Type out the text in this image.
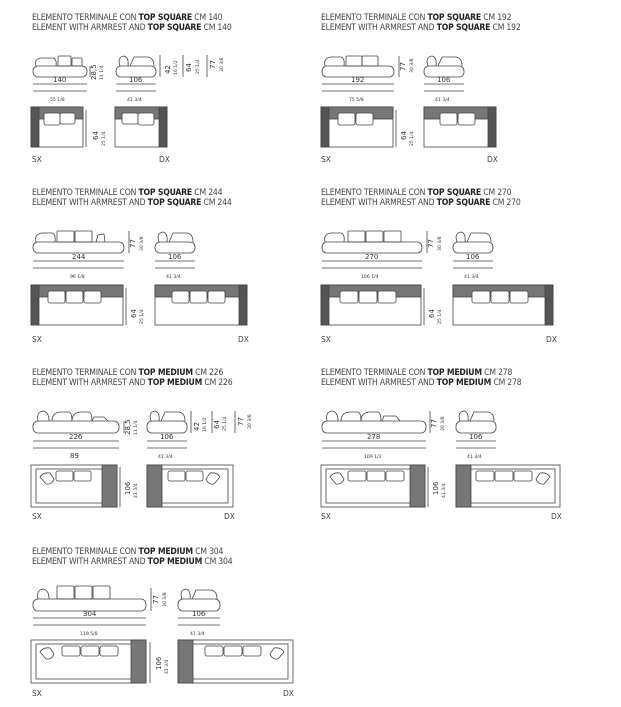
ELEMENTO TERMINALE CON TOP SQUARE CM 140
ELEMENT WITH ARMREST AND TOP SQUARE CM 140
28,5 11 1/4
140
55 1/8
106
41 3/4
42 16 1/2 64 25 1/4 77 30 3/8
64 25 1/4
SX	DX
ELEMENTO TERMINALE CON TOP SQUARE CM 192
ELEMENT WITH ARMREST AND TOP SQUARE CM 192
77 30 3/8
192
75 5/8
106
41 3/4
64 25 1/4
SX	DX
ELEMENTO TERMINALE CON TOP SQUARE CM 244
ELEMENT WITH ARMREST AND TOP SQUARE CM 244
77 30 3/8
244
96 1/8
106
41 3/4
64 25 1/4
SX	DX
ELEMENTO TERMINALE CON TOP SQUARE CM 270
ELEMENT WITH ARMREST AND TOP SQUARE CM 270
77 30 3/8
270
106 1/4
106
41 3/4
64 25 1/4
SX	DX
ELEMENTO TERMINALE CON TOP MEDIUM CM 226
ELEMENT WITH ARMREST AND TOP MEDIUM CM 226
28,5 11 1/4
226
89
106
41 3/4
42 16 1/2 64 25 1/4 77 30 3/8
106 41 3/4
SX	DX
ELEMENTO TERMINALE CON TOP MEDIUM CM 278
ELEMENT WITH ARMREST AND TOP MEDIUM CM 278
77 30 3/8
278
109 1/2
106
41 3/4
106 41 3/4
SX	DX
ELEMENTO TERMINALE CON TOP MEDIUM CM 304
ELEMENT WITH ARMREST AND TOP MEDIUM CM 304
77 30 3/8
304
119 5/8
106
41 3/4
106 41 3/4
SX	DX
